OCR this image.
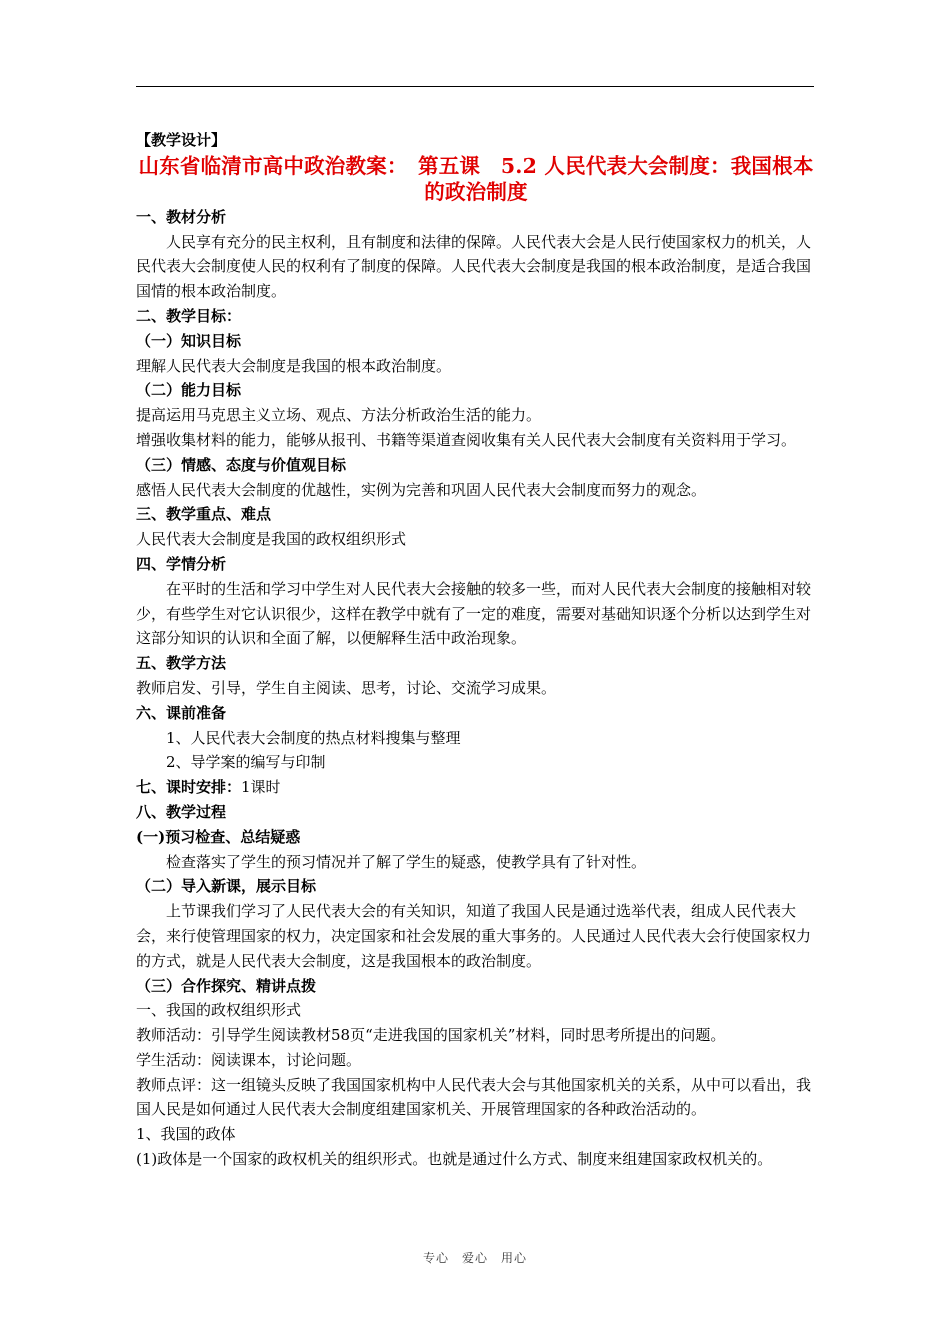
【教学设计】

山东省临清市高中政治教案：　第五课　5.2 人民代表大会制度：我国根本的政治制度

一、教材分析

人民享有充分的民主权利，且有制度和法律的保障。人民代表大会是人民行使国家权力的机关，人民代表大会制度使人民的权利有了制度的保障。人民代表大会制度是我国的根本政治制度，是适合我国国情的根本政治制度。

二、教学目标：

（一）知识目标

理解人民代表大会制度是我国的根本政治制度。

（二）能力目标

提高运用马克思主义立场、观点、方法分析政治生活的能力。

增强收集材料的能力，能够从报刊、书籍等渠道查阅收集有关人民代表大会制度有关资料用于学习。

（三）情感、态度与价值观目标

感悟人民代表大会制度的优越性，实例为完善和巩固人民代表大会制度而努力的观念。

三、教学重点、难点

人民代表大会制度是我国的政权组织形式

四、学情分析

在平时的生活和学习中学生对人民代表大会接触的较多一些，而对人民代表大会制度的接触相对较少，有些学生对它认识很少，这样在教学中就有了一定的难度，需要对基础知识逐个分析以达到学生对这部分知识的认识和全面了解，以便解释生活中政治现象。

五、教学方法

教师启发、引导，学生自主阅读、思考，讨论、交流学习成果。

六、课前准备

1、人民代表大会制度的热点材料搜集与整理

2、导学案的编写与印制

七、课时安排：1课时

八、教学过程

(一)预习检查、总结疑惑

检查落实了学生的预习情况并了解了学生的疑惑，使教学具有了针对性。

（二）导入新课，展示目标

上节课我们学习了人民代表大会的有关知识，知道了我国人民是通过选举代表，组成人民代表大会，来行使管理国家的权力，决定国家和社会发展的重大事务的。人民通过人民代表大会行使国家权力的方式，就是人民代表大会制度，这是我国根本的政治制度。

（三）合作探究、精讲点拨

一、我国的政权组织形式

教师活动：引导学生阅读教材58页“走进我国的国家机关”材料，同时思考所提出的问题。

学生活动：阅读课本，讨论问题。

教师点评：这一组镜头反映了我国国家机构中人民代表大会与其他国家机关的关系，从中可以看出，我国人民是如何通过人民代表大会制度组建国家机关、开展管理国家的各种政治活动的。

1、我国的政体

(1)政体是一个国家的政权机关的组织形式。也就是通过什么方式、制度来组建国家政权机关的。

专心　爱心　用心
